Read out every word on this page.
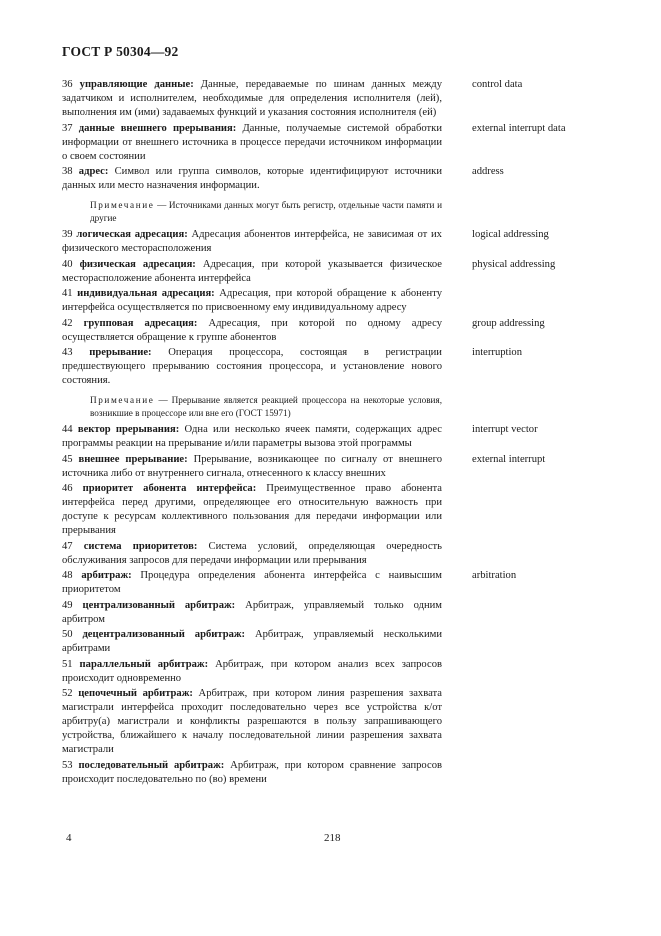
ГОСТ Р 50304—92
36 управляющие данные: Данные, передаваемые по шинам данных между задатчиком и исполнителем, необходимые для определения исполнителя (лей), выполнения им (ими) задаваемых функций и указания состояния исполнителя (ей)
control data
37 данные внешнего прерывания: Данные, получаемые системой обработки информации от внешнего источника в процессе передачи источником информации о своем состоянии
external interrupt data
38 адрес: Символ или группа символов, которые идентифицируют источники данных или место назначения информации.
address
Примечание — Источниками данных могут быть регистр, отдельные части памяти и другие
39 логическая адресация: Адресация абонентов интерфейса, не зависимая от их физического месторасположения
logical addressing
40 физическая адресация: Адресация, при которой указывается физическое месторасположение абонента интерфейса
physical addressing
41 индивидуальная адресация: Адресация, при которой обращение к абоненту интерфейса осуществляется по присвоенному ему индивидуальному адресу
42 групповая адресация: Адресация, при которой по одному адресу осуществляется обращение к группе абонентов
group addressing
43 прерывание: Операция процессора, состоящая в регистрации предшествующего прерыванию состояния процессора, и установление нового состояния.
interruption
Примечание — Прерывание является реакцией процессора на некоторые условия, возникшие в процессоре или вне его (ГОСТ 15971)
44 вектор прерывания: Одна или несколько ячеек памяти, содержащих адрес программы реакции на прерывание и/или параметры вызова этой программы
interrupt vector
45 внешнее прерывание: Прерывание, возникающее по сигналу от внешнего источника либо от внутреннего сигнала, отнесенного к классу внешних
external interrupt
46 приоритет абонента интерфейса: Преимущественное право абонента интерфейса перед другими, определяющее его относительную важность при доступе к ресурсам коллективного пользования для передачи информации или прерывания
47 система приоритетов: Система условий, определяющая очередность обслуживания запросов для передачи информации или прерывания
48 арбитраж: Процедура определения абонента интерфейса с наивысшим приоритетом
arbitration
49 централизованный арбитраж: Арбитраж, управляемый только одним арбитром
50 децентрализованный арбитраж: Арбитраж, управляемый несколькими арбитрами
51 параллельный арбитраж: Арбитраж, при котором анализ всех запросов происходит одновременно
52 цепочечный арбитраж: Арбитраж, при котором линия разрешения захвата магистрали интерфейса проходит последовательно через все устройства к/от арбитру(а) магистрали и конфликты разрешаются в пользу запрашивающего устройства, ближайшего к началу последовательной линии разрешения захвата магистрали
53 последовательный арбитраж: Арбитраж, при котором сравнение запросов происходит последовательно по (во) времени
4	218
